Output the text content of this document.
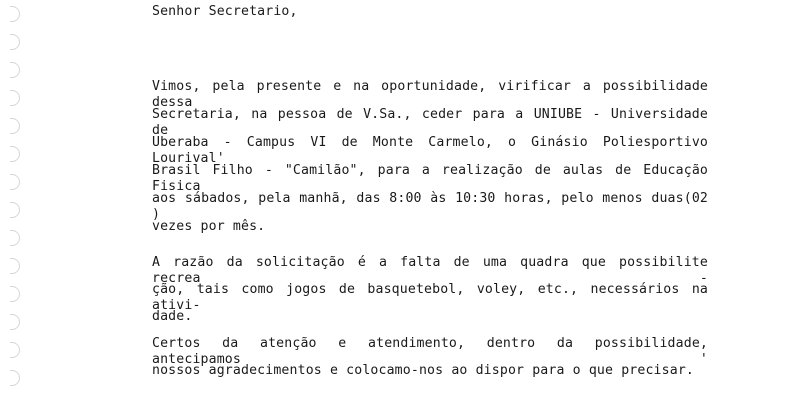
Senhor Secretario,
Vimos, pela presente e na oportunidade, virificar a possibilidade dessa
Secretaria, na pessoa de V.Sa., ceder para a UNIUBE - Universidade de
Uberaba - Campus VI de Monte Carmelo, o Ginásio Poliesportivo Lourival'
Brasil Filho - "Camilão", para a realização de aulas de Educação Fisica
aos sábados, pela manhã, das 8:00 às 10:30 horas, pelo menos duas(02 )
vezes por mês.
A razão da solicitação é a falta de uma quadra que possibilite recrea -
ção, tais como jogos de basquetebol, voley, etc., necessários na ativi-
dade.
Certos da atenção e atendimento, dentro da possibilidade, antecipamos '
nossos agradecimentos e colocamo-nos ao dispor para o que precisar.
